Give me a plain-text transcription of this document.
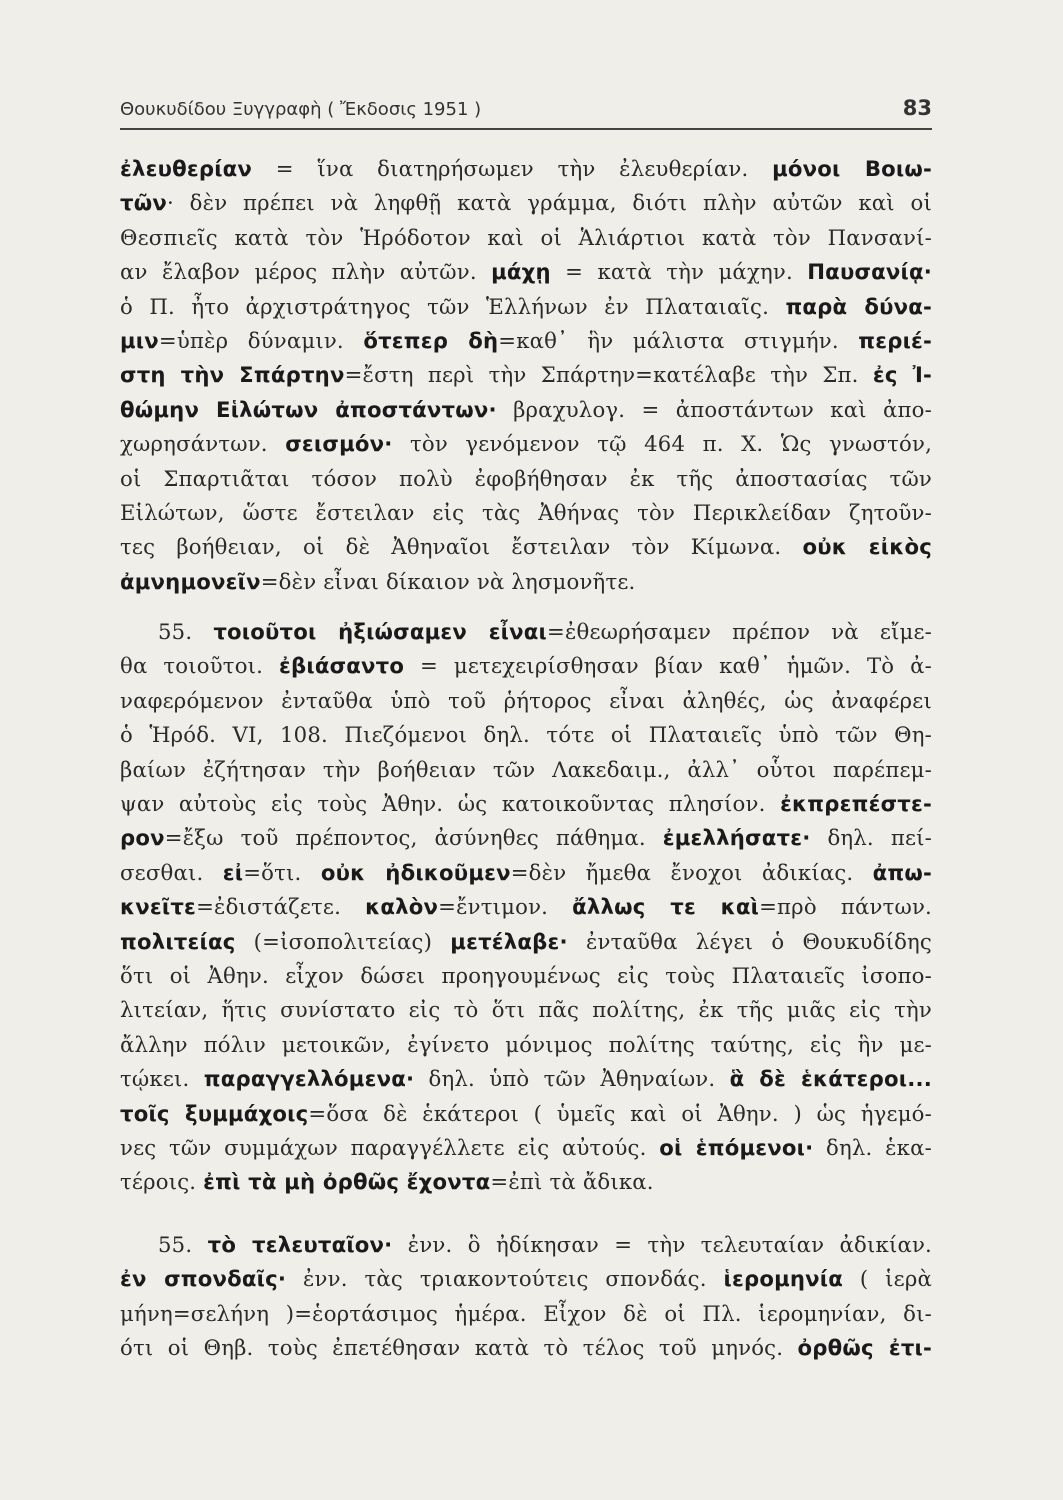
Θουκυδίδου Ξυγγραφὴ ( Ἔκδοσις 1951 )	83
ἐλευθερίαν = ἵνα διατηρήσωμεν τὴν ἐλευθερίαν. μόνοι Βοιω-
τῶν· δὲν πρέπει νὰ ληφθῇ κατὰ γράμμα, διότι πλὴν αὐτῶν καὶ οἱ
Θεσπιεῖς κατὰ τὸν Ἡρόδοτον καὶ οἱ Ἁλιάρτιοι κατὰ τὸν Πανσανί-
αν ἔλαβον μέρος πλὴν αὐτῶν. μάχῃ = κατὰ τὴν μάχην. Παυσανίᾳ·
ὁ Π. ἦτο ἀρχιστράτηγος τῶν Ἑλλήνων ἐν Πλαταιαῖς. παρὰ δύνα-
μιν=ὑπὲρ δύναμιν. ὅτεπερ δὴ=καθ᾽ ἣν μάλιστα στιγμήν. περιέ-
στη τὴν Σπάρτην=ἔστη περὶ τὴν Σπάρτην=κατέλαβε τὴν Σπ. ἐς Ἰ-
θώμην Εἱλώτων ἀποστάντων· βραχυλογ. = ἀποστάντων καὶ ἀπο-
χωρησάντων. σεισμόν· τὸν γενόμενον τῷ 464 π. Χ. Ὡς γνωστόν,
οἱ Σπαρτιᾶται τόσον πολὺ ἐφοβήθησαν ἐκ τῆς ἀποστασίας τῶν
Εἱλώτων, ὥστε ἔστειλαν εἰς τὰς Ἀθήνας τὸν Περικλείδαν ζητοῦν-
τες βοήθειαν, οἱ δὲ Ἀθηναῖοι ἔστειλαν τὸν Κίμωνα. οὐκ εἰκὸς
ἀμνημονεῖν=δὲν εἶναι δίκαιον νὰ λησμονῆτε.
55. τοιοῦτοι ἠξιώσαμεν εἶναι=ἐθεωρήσαμεν πρέπον νὰ εἴμε-
θα τοιοῦτοι. ἐβιάσαντο = μετεχειρίσθησαν βίαν καθ᾽ ἡμῶν. Τὸ ἀ-
ναφερόμενον ἐνταῦθα ὑπὸ τοῦ ῥήτορος εἶναι ἀληθές, ὡς ἀναφέρει
ὁ Ἡρόδ. VI, 108. Πιεζόμενοι δηλ. τότε οἱ Πλαταιεῖς ὑπὸ τῶν Θη-
βαίων ἐζήτησαν τὴν βοήθειαν τῶν Λακεδαιμ., ἀλλ᾽ οὗτοι παρέπεμ-
ψαν αὐτοὺς εἰς τοὺς Ἀθην. ὡς κατοικοῦντας πλησίον. ἐκπρεπέστε-
ρον=ἔξω τοῦ πρέποντος, ἀσύνηθες πάθημα. ἐμελλήσατε· δηλ. πεί-
σεσθαι. εἰ=ὅτι. οὐκ ἠδικοῦμεν=δὲν ἤμεθα ἔνοχοι ἀδικίας. ἀπω-
κνεῖτε=ἐδιστάζετε. καλὸν=ἔντιμον. ἄλλως τε καὶ=πρὸ πάντων.
πολιτείας (=ἰσοπολιτείας) μετέλαβε· ἐνταῦθα λέγει ὁ Θουκυδίδης
ὅτι οἱ Ἀθην. εἶχον δώσει προηγουμένως εἰς τοὺς Πλαταιεῖς ἰσοπο-
λιτείαν, ἥτις συνίστατο εἰς τὸ ὅτι πᾶς πολίτης, ἐκ τῆς μιᾶς εἰς τὴν
ἄλλην πόλιν μετοικῶν, ἐγίνετο μόνιμος πολίτης ταύτης, εἰς ἣν με-
τῴκει. παραγγελλόμενα· δηλ. ὑπὸ τῶν Ἀθηναίων. ἃ δὲ ἑκάτεροι...
τοῖς ξυμμάχοις=ὅσα δὲ ἑκάτεροι ( ὑμεῖς καὶ οἱ Ἀθην. ) ὡς ἡγεμό-
νες τῶν συμμάχων παραγγέλλετε εἰς αὐτούς. οἱ ἑπόμενοι· δηλ. ἑκα-
τέροις. ἐπὶ τὰ μὴ ὀρθῶς ἔχοντα=ἐπὶ τὰ ἄδικα.
55. τὸ τελευταῖον· ἐνν. ὃ ἠδίκησαν = τὴν τελευταίαν ἀδικίαν.
ἐν σπονδαῖς· ἐνν. τὰς τριακοντούτεις σπονδάς. ἱερομηνία ( ἱερὰ
μήνη=σελήνη )=ἑορτάσιμος ἡμέρα. Εἶχον δὲ οἱ Πλ. ἱερομηνίαν, δι-
ότι οἱ Θηβ. τοὺς ἐπετέθησαν κατὰ τὸ τέλος τοῦ μηνός. ὀρθῶς ἐτι-
